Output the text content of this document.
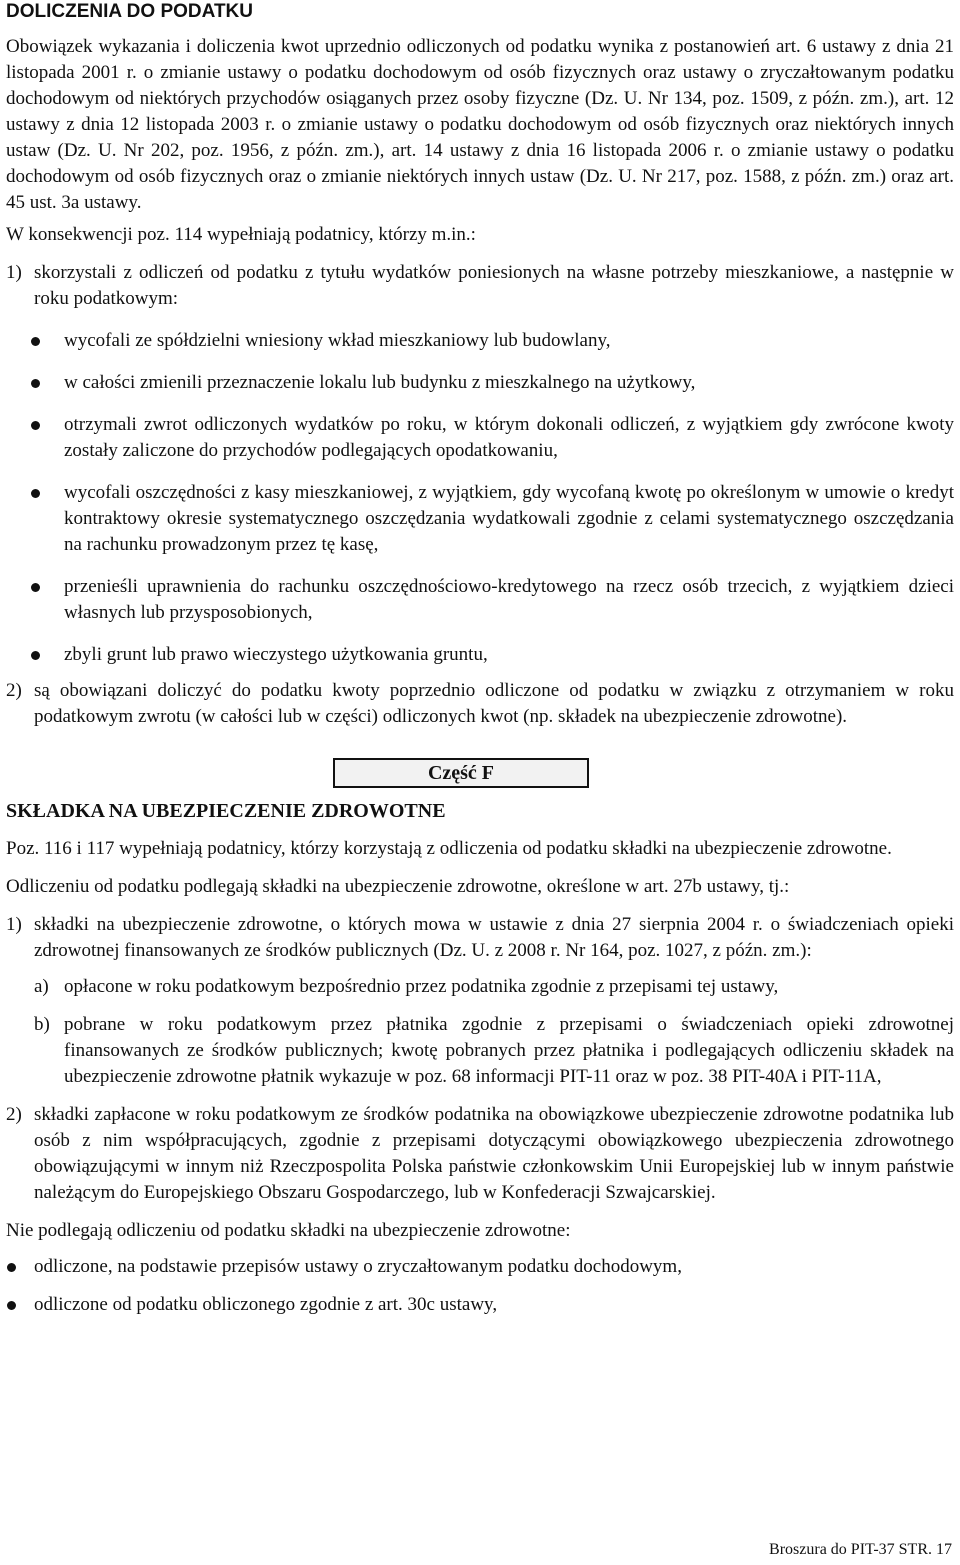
DOLICZENIA DO PODATKU

Obowiązek wykazania i doliczenia kwot uprzednio odliczonych od podatku wynika z postanowień art. 6 ustawy z dnia 21 listopada 2001 r. o zmianie ustawy o podatku dochodowym od osób fizycznych oraz ustawy o zryczałtowanym podatku dochodowym od niektórych przychodów osiąganych przez osoby fizyczne (Dz. U. Nr 134, poz. 1509, z późn. zm.), art. 12 ustawy z dnia 12 listopada 2003 r. o zmianie ustawy o podatku dochodowym od osób fizycznych oraz niektórych innych ustaw (Dz. U. Nr 202, poz. 1956, z późn. zm.), art. 14 ustawy z dnia 16 listopada 2006 r. o zmianie ustawy o podatku dochodowym od osób fizycznych oraz o zmianie niektórych innych ustaw (Dz. U. Nr 217, poz. 1588, z późn. zm.) oraz art. 45 ust. 3a ustawy.

W konsekwencji poz. 114 wypełniają podatnicy, którzy m.in.:

1) skorzystali z odliczeń od podatku z tytułu wydatków poniesionych na własne potrzeby mieszkaniowe, a następnie w roku podatkowym:
wycofali ze spółdzielni wniesiony wkład mieszkaniowy lub budowlany,
w całości zmienili przeznaczenie lokalu lub budynku z mieszkalnego na użytkowy,
otrzymali zwrot odliczonych wydatków po roku, w którym dokonali odliczeń, z wyjątkiem gdy zwrócone kwoty zostały zaliczone do przychodów podlegających opodatkowaniu,
wycofali oszczędności z kasy mieszkaniowej, z wyjątkiem, gdy wycofaną kwotę po określonym w umowie o kredyt kontraktowy okresie systematycznego oszczędzania wydatkowali zgodnie z celami systematycznego oszczędzania na rachunku prowadzonym przez tę kasę,
przenieśli uprawnienia do rachunku oszczędnościowo-kredytowego na rzecz osób trzecich, z wyjątkiem dzieci własnych lub przysposobionych,
zbyli grunt lub prawo wieczystego użytkowania gruntu,
2) są obowiązani doliczyć do podatku kwoty poprzednio odliczone od podatku w związku z otrzymaniem w roku podatkowym zwrotu (w całości lub w części) odliczonych kwot (np. składek na ubezpieczenie zdrowotne).
Część F
SKŁADKA NA UBEZPIECZENIE ZDROWOTNE

Poz. 116 i 117 wypełniają podatnicy, którzy korzystają z odliczenia od podatku składki na ubezpieczenie zdrowotne.

Odliczeniu od podatku podlegają składki na ubezpieczenie zdrowotne, określone w art. 27b ustawy, tj.:

1) składki na ubezpieczenie zdrowotne, o których mowa w ustawie z dnia 27 sierpnia 2004 r. o świadczeniach opieki zdrowotnej finansowanych ze środków publicznych (Dz. U. z 2008 r. Nr 164, poz. 1027, z późn. zm.):
a) opłacone w roku podatkowym bezpośrednio przez podatnika zgodnie z przepisami tej ustawy,
b) pobrane w roku podatkowym przez płatnika zgodnie z przepisami o świadczeniach opieki zdrowotnej finansowanych ze środków publicznych; kwotę pobranych przez płatnika i podlegających odliczeniu składek na ubezpieczenie zdrowotne płatnik wykazuje w poz. 68 informacji PIT-11 oraz w poz. 38 PIT-40A i PIT-11A,
2) składki zapłacone w roku podatkowym ze środków podatnika na obowiązkowe ubezpieczenie zdrowotne podatnika lub osób z nim współpracujących, zgodnie z przepisami dotyczącymi obowiązkowego ubezpieczenia zdrowotnego obowiązującymi w innym niż Rzeczpospolita Polska państwie członkowskim Unii Europejskiej lub w innym państwie należącym do Europejskiego Obszaru Gospodarczego, lub w Konfederacji Szwajcarskiej.

Nie podlegają odliczeniu od podatku składki na ubezpieczenie zdrowotne:

odliczone, na podstawie przepisów ustawy o zryczałtowanym podatku dochodowym,
odliczone od podatku obliczonego zgodnie z art. 30c ustawy,
Broszura do PIT-37 STR. 17
